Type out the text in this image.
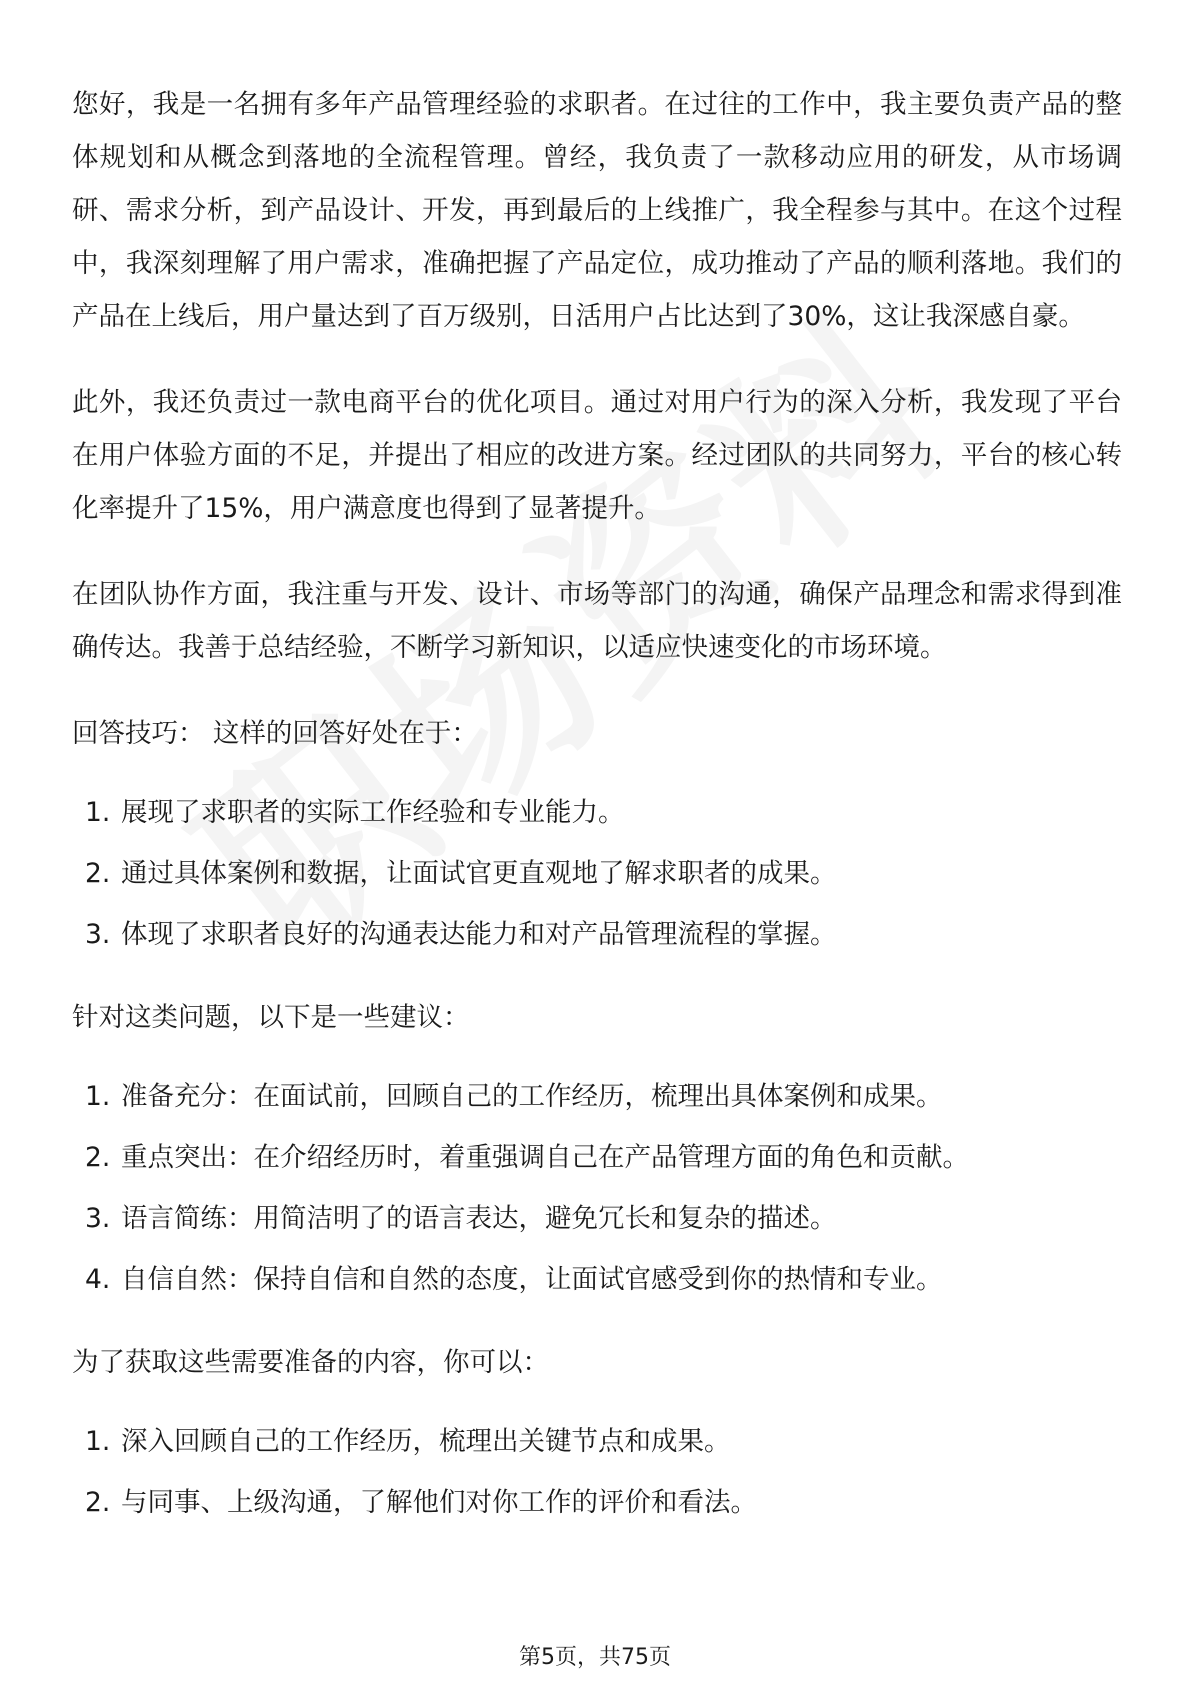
您好，我是一名拥有多年产品管理经验的求职者。在过往的工作中，我主要负责产品的整体规划和从概念到落地的全流程管理。曾经，我负责了一款移动应用的研发，从市场调研、需求分析，到产品设计、开发，再到最后的上线推广，我全程参与其中。在这个过程中，我深刻理解了用户需求，准确把握了产品定位，成功推动了产品的顺利落地。我们的产品在上线后，用户量达到了百万级别，日活用户占比达到了30%，这让我深感自豪。

此外，我还负责过一款电商平台的优化项目。通过对用户行为的深入分析，我发现了平台在用户体验方面的不足，并提出了相应的改进方案。经过团队的共同努力，平台的核心转化率提升了15%，用户满意度也得到了显著提升。

在团队协作方面，我注重与开发、设计、市场等部门的沟通，确保产品理念和需求得到准确传达。我善于总结经验，不断学习新知识，以适应快速变化的市场环境。

回答技巧： 这样的回答好处在于：

1. 展现了求职者的实际工作经验和专业能力。
2. 通过具体案例和数据，让面试官更直观地了解求职者的成果。
3. 体现了求职者良好的沟通表达能力和对产品管理流程的掌握。

针对这类问题，以下是一些建议：

1. 准备充分：在面试前，回顾自己的工作经历，梳理出具体案例和成果。
2. 重点突出：在介绍经历时，着重强调自己在产品管理方面的角色和贡献。
3. 语言简练：用简洁明了的语言表达，避免冗长和复杂的描述。
4. 自信自然：保持自信和自然的态度，让面试官感受到你的热情和专业。

为了获取这些需要准备的内容，你可以：

1. 深入回顾自己的工作经历，梳理出关键节点和成果。
2. 与同事、上级沟通，了解他们对你工作的评价和看法。
第5页，共75页
